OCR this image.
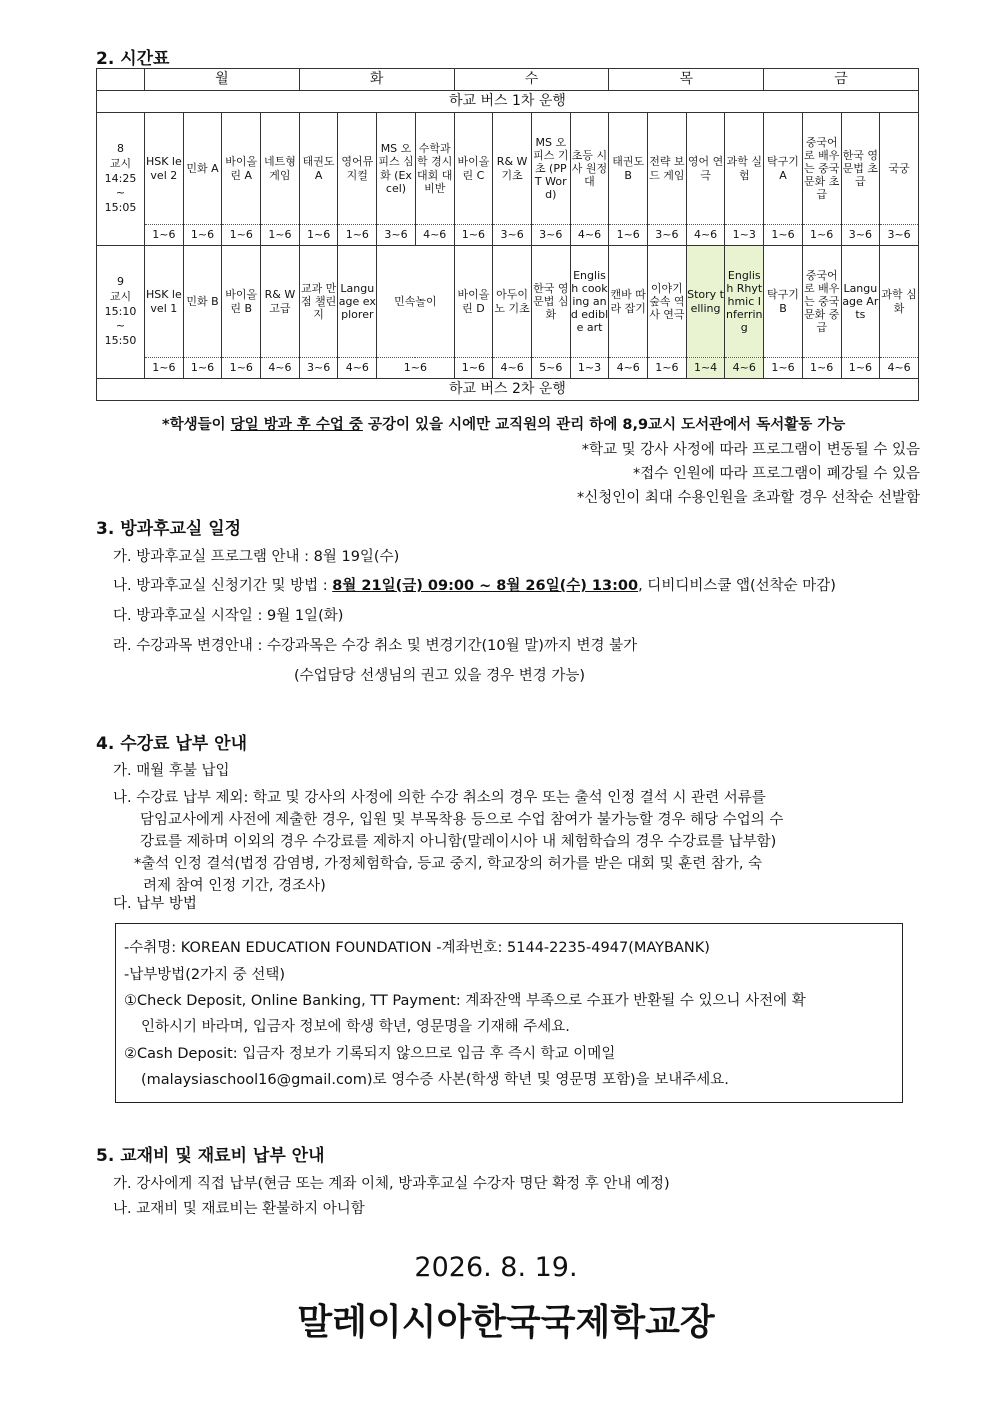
2. 시간표
	월				화				수				목				금			
하교 버스 1차 운행																				
8
교시
14:25
~
15:05	HSK level 2	민화 A	바이올린 A	네트형 게임	태권도A	영어뮤지컬	MS 오피스 심화 (Excel)	수학과학 경시대회 대비반	바이올린 C	R& W 기초	MS 오피스 기초 (PPT Word)	초등 시사 원정대	태권도B	전략 보드 게임	영어 연극	과학 실험	탁구기A	중국어로 배우는 중국문화 초급	한국 영문법 초급	국궁
	1~6	1~6	1~6	1~6	1~6	1~6	3~6	4~6	1~6	3~6	3~6	4~6	1~6	3~6	4~6	1~3	1~6	1~6	3~6	3~6
9
교시
15:10
~
15:50	HSK level 1	민화 B	바이올린 B	R& W 고급	교과 만점 챌린지	Language explorer	민속놀이		바이올린 D	아두이노 기초	한국 영문법 심화	English cooking and edible art	캔바 따라 잡기	이야기 숲속 역사 연극	Story telling	English Rhythmic Inferring	탁구기B	중국어로 배우는 중국문화 중급	Language Arts	과학 심화
	1~6	1~6	1~6	4~6	3~6	4~6	1~6		1~6	4~6	5~6	1~3	4~6	1~6	1~4	4~6	1~6	1~6	1~6	4~6
하교 버스 2차 운행																				
*학생들이 당일 방과 후 수업 중 공강이 있을 시에만 교직원의 관리 하에 8,9교시 도서관에서 독서활동 가능
*학교 및 강사 사정에 따라 프로그램이 변동될 수 있음
*접수 인원에 따라 프로그램이 폐강될 수 있음
*신청인이 최대 수용인원을 초과할 경우 선착순 선발함
3. 방과후교실 일정
가. 방과후교실 프로그램 안내 : 8월 19일(수)
나. 방과후교실 신청기간 및 방법 : 8월 21일(금) 09:00 ~ 8월 26일(수) 13:00, 디비디비스쿨 앱(선착순 마감)
다. 방과후교실 시작일 : 9월 1일(화)
라. 수강과목 변경안내 : 수강과목은 수강 취소 및 변경기간(10월 말)까지 변경 불가
(수업담당 선생님의 권고 있을 경우 변경 가능)
4. 수강료 납부 안내
가. 매월 후불 납입
나. 수강료 납부 제외: 학교 및 강사의 사정에 의한 수강 취소의 경우 또는 출석 인정 결석 시 관련 서류를
담임교사에게 사전에 제출한 경우, 입원 및 부목착용 등으로 수업 참여가 불가능할 경우 해당 수업의 수
강료를 제하며 이외의 경우 수강료를 제하지 아니함(말레이시아 내 체험학습의 경우 수강료를 납부함)
*출석 인정 결석(법정 감염병, 가정체험학습, 등교 중지, 학교장의 허가를 받은 대회 및 훈련 참가, 숙
려제 참여 인정 기간, 경조사)
다. 납부 방법
-수취명: KOREAN EDUCATION FOUNDATION -계좌번호: 5144-2235-4947(MAYBANK)
-납부방법(2가지 중 선택)
①Check Deposit, Online Banking, TT Payment: 계좌잔액 부족으로 수표가 반환될 수 있으니 사전에 확
인하시기 바라며, 입금자 정보에 학생 학년, 영문명을 기재해 주세요.
②Cash Deposit: 입금자 정보가 기록되지 않으므로 입금 후 즉시 학교 이메일
(malaysiaschool16@gmail.com)로 영수증 사본(학생 학년 및 영문명 포함)을 보내주세요.
5. 교재비 및 재료비 납부 안내
가. 강사에게 직접 납부(현금 또는 계좌 이체, 방과후교실 수강자 명단 확정 후 안내 예정)
나. 교재비 및 재료비는 환불하지 아니함
2026. 8. 19.
말레이시아한국국제학교장
